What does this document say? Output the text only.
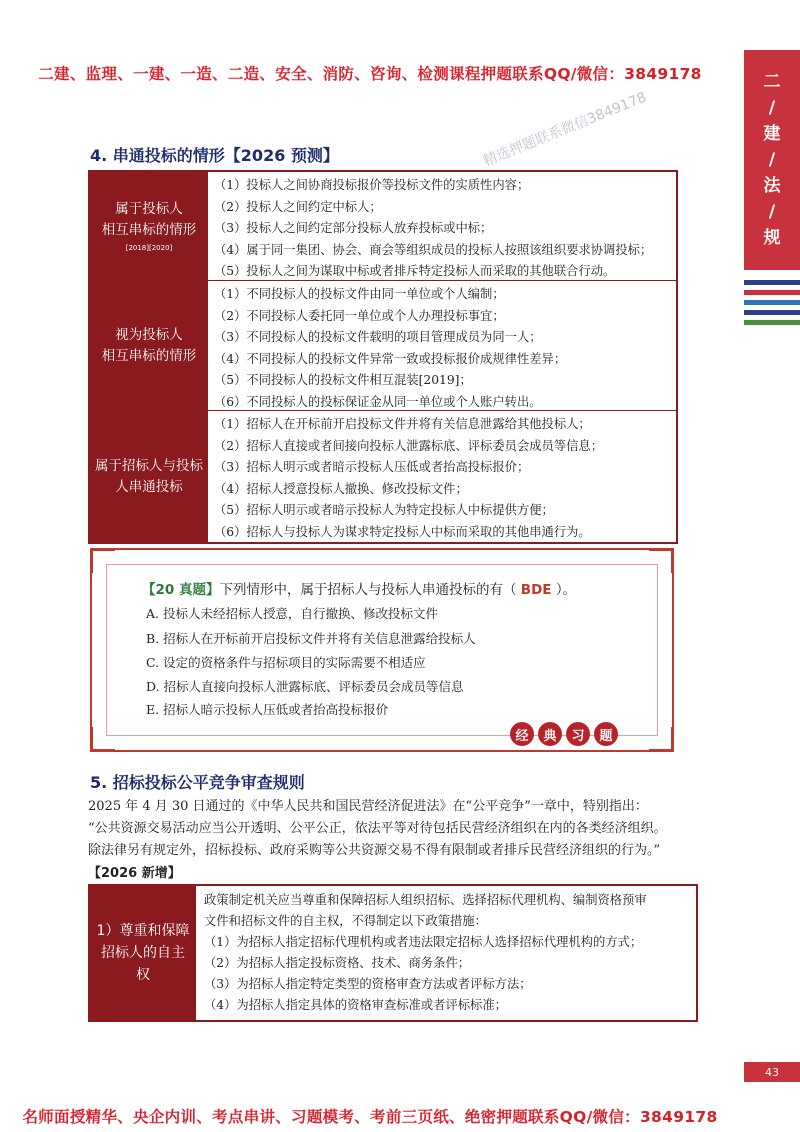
二建、监理、一建、一造、二造、安全、消防、咨询、检测课程押题联系QQ/微信：3849178	二
/
建
/
法
/
规
精选押题联系微信3849178
4. 串通投标的情形【2026 预测】
属于投标人
相互串标的情形
[2018][2020]
（1）投标人之间协商投标报价等投标文件的实质性内容；
（2）投标人之间约定中标人；
（3）投标人之间约定部分投标人放弃投标或中标；
（4）属于同一集团、协会、商会等组织成员的投标人按照该组织要求协调投标；
（5）投标人之间为谋取中标或者排斥特定投标人而采取的其他联合行动。
视为投标人
相互串标的情形
（1）不同投标人的投标文件由同一单位或个人编制；
（2）不同投标人委托同一单位或个人办理投标事宜；
（3）不同投标人的投标文件载明的项目管理成员为同一人；
（4）不同投标人的投标文件异常一致或投标报价成规律性差异；
（5）不同投标人的投标文件相互混装[2019]；
（6）不同投标人的投标保证金从同一单位或个人账户转出。
属于招标人与投标
人串通投标
（1）招标人在开标前开启投标文件并将有关信息泄露给其他投标人；
（2）招标人直接或者间接向投标人泄露标底、评标委员会成员等信息；
（3）招标人明示或者暗示投标人压低或者抬高投标报价；
（4）招标人授意投标人撤换、修改投标文件；
（5）招标人明示或者暗示投标人为特定投标人中标提供方便；
（6）招标人与投标人为谋求特定投标人中标而采取的其他串通行为。
【20 真题】下列情形中，属于招标人与投标人串通投标的有（ BDE ）。
A. 投标人未经招标人授意，自行撤换、修改投标文件
B. 招标人在开标前开启投标文件并将有关信息泄露给投标人
C. 设定的资格条件与招标项目的实际需要不相适应
D. 招标人直接向投标人泄露标底、评标委员会成员等信息
E. 招标人暗示投标人压低或者抬高投标报价
经	典	习	题
5. 招标投标公平竞争审查规则
2025 年 4 月 30 日通过的《中华人民共和国民营经济促进法》在“公平竞争”一章中，特别指出：
“公共资源交易活动应当公开透明、公平公正，依法平等对待包括民营经济组织在内的各类经济组织。
除法律另有规定外，招标投标、政府采购等公共资源交易不得有限制或者排斥民营经济组织的行为。”
【2026 新增】
1）尊重和保障招标人的自主权
政策制定机关应当尊重和保障招标人组织招标、选择招标代理机构、编制资格预审
文件和招标文件的自主权，不得制定以下政策措施：
（1）为招标人指定招标代理机构或者违法限定招标人选择招标代理机构的方式；
（2）为招标人指定投标资格、技术、商务条件；
（3）为招标人指定特定类型的资格审查方法或者评标方法；
（4）为招标人指定具体的资格审查标准或者评标标准；
43
名师面授精华、央企内训、考点串讲、习题模考、考前三页纸、绝密押题联系QQ/微信：3849178
